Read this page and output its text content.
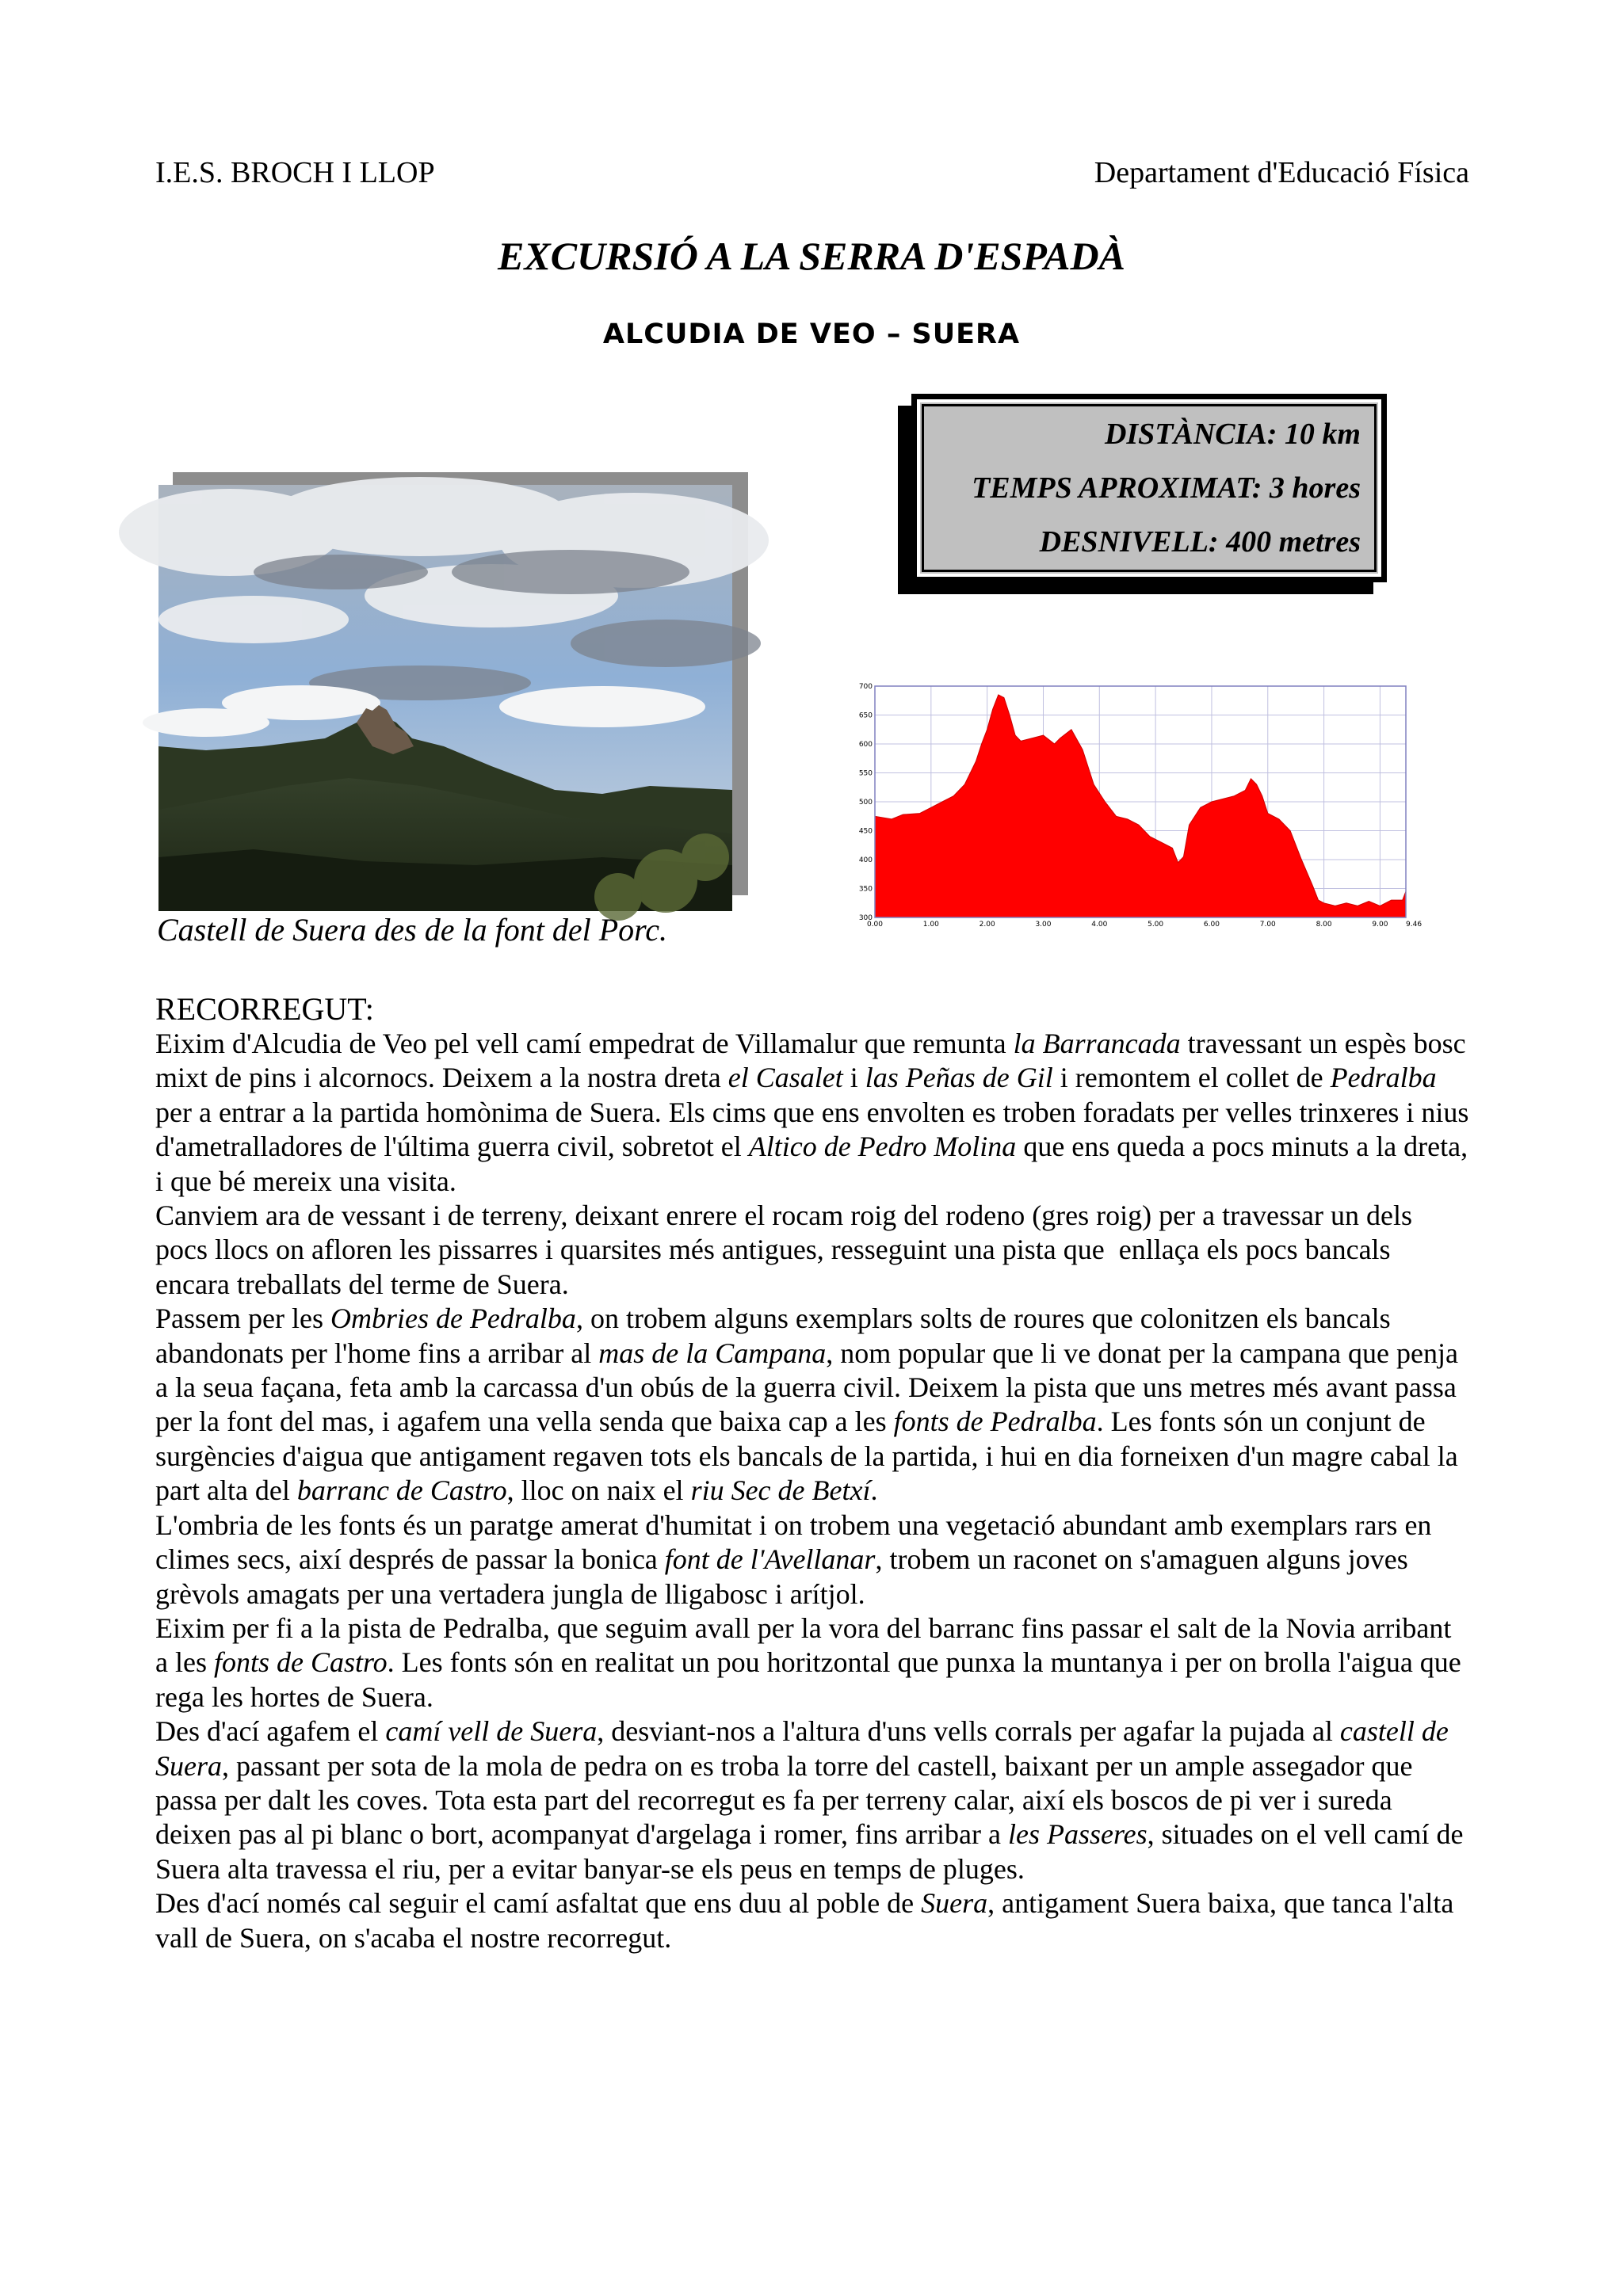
I.E.S. BROCH I LLOP	Departament d'Educació Física
EXCURSIÓ A LA SERRA D'ESPADÀ
ALCUDIA DE VEO – SUERA
DISTÀNCIA: 10 km
TEMPS APROXIMAT: 3 hores
DESNIVELL: 400 metres
Castell de Suera des de la font del Porc.	300
350
400
450
500
550
600
650
700
0.00	1.00	2.00	3.00	4.00	5.00	6.00	7.00	8.00	9.00	9.46
RECORREGUT:
Eixim d'Alcudia de Veo pel vell camí empedrat de Villamalur que remunta la Barrancada travessant un espès bosc mixt de pins i alcornocs. Deixem a la nostra dreta el Casalet i las Peñas de Gil i remontem el collet de Pedralba per a entrar a la partida homònima de Suera. Els cims que ens envolten es troben foradats per velles trinxeres i nius d'ametralladores de l'última guerra civil, sobretot el Altico de Pedro Molina que ens queda a pocs minuts a la dreta, i que bé mereix una visita.
Canviem ara de vessant i de terreny, deixant enrere el rocam roig del rodeno (gres roig) per a travessar un dels pocs llocs on afloren les pissarres i quarsites més antigues, resseguint una pista que  enllaça els pocs bancals encara treballats del terme de Suera.
Passem per les Ombries de Pedralba, on trobem alguns exemplars solts de roures que colonitzen els bancals abandonats per l'home fins a arribar al mas de la Campana, nom popular que li ve donat per la campana que penja a la seua façana, feta amb la carcassa d'un obús de la guerra civil. Deixem la pista que uns metres més avant passa per la font del mas, i agafem una vella senda que baixa cap a les fonts de Pedralba. Les fonts són un conjunt de surgències d'aigua que antigament regaven tots els bancals de la partida, i hui en dia forneixen d'un magre cabal la part alta del barranc de Castro, lloc on naix el riu Sec de Betxí.
L'ombria de les fonts és un paratge amerat d'humitat i on trobem una vegetació abundant amb exemplars rars en climes secs, així després de passar la bonica font de l'Avellanar, trobem un raconet on s'amaguen alguns joves grèvols amagats per una vertadera jungla de lligabosc i arítjol.
Eixim per fi a la pista de Pedralba, que seguim avall per la vora del barranc fins passar el salt de la Novia arribant a les fonts de Castro. Les fonts són en realitat un pou horitzontal que punxa la muntanya i per on brolla l'aigua que rega les hortes de Suera.
Des d'ací agafem el camí vell de Suera, desviant-nos a l'altura d'uns vells corrals per agafar la pujada al castell de Suera, passant per sota de la mola de pedra on es troba la torre del castell, baixant per un ample assegador que passa per dalt les coves. Tota esta part del recorregut es fa per terreny calar, així els boscos de pi ver i sureda deixen pas al pi blanc o bort, acompanyat d'argelaga i romer, fins arribar a les Passeres, situades on el vell camí de Suera alta travessa el riu, per a evitar banyar-se els peus en temps de pluges.
Des d'ací només cal seguir el camí asfaltat que ens duu al poble de Suera, antigament Suera baixa, que tanca l'alta vall de Suera, on s'acaba el nostre recorregut.
